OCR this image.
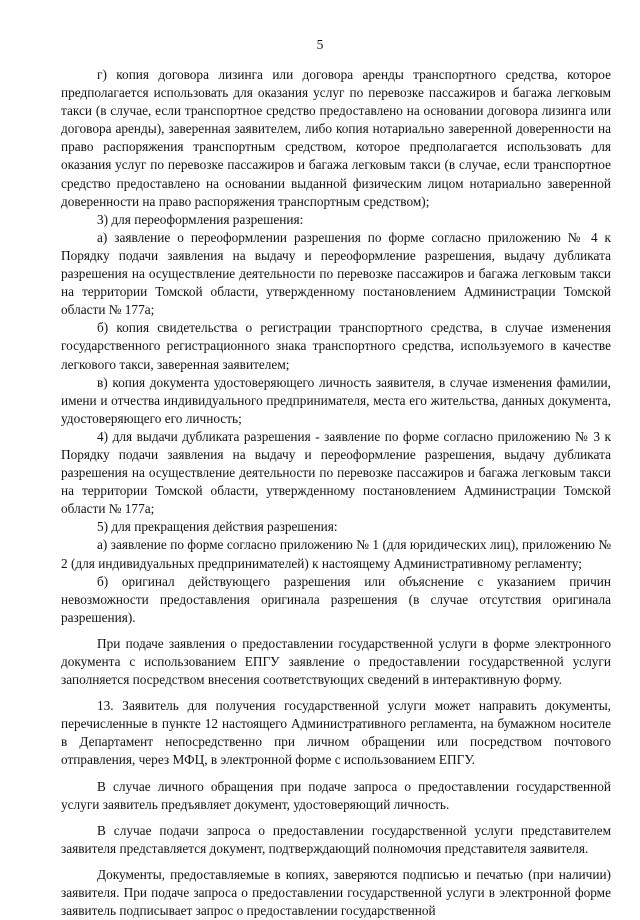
5

г) копия договора лизинга или договора аренды транспортного средства, которое предполагается использовать для оказания услуг по перевозке пассажиров и багажа легковым такси (в случае, если транспортное средство предоставлено на основании договора лизинга или договора аренды), заверенная заявителем, либо копия нотариально заверенной доверенности на право распоряжения транспортным средством, которое предполагается использовать для оказания услуг по перевозке пассажиров и багажа легковым такси (в случае, если транспортное средство предоставлено на основании выданной физическим лицом нотариально заверенной доверенности на право распоряжения транспортным средством);

3) для переоформления разрешения:

а) заявление о переоформлении разрешения по форме согласно приложению № 4 к Порядку подачи заявления на выдачу и переоформление разрешения, выдачу дубликата разрешения на осуществление деятельности по перевозке пассажиров и багажа легковым такси на территории Томской области, утвержденному постановлением Администрации Томской области № 177а;

б) копия свидетельства о регистрации транспортного средства, в случае изменения государственного регистрационного знака транспортного средства, используемого в качестве легкового такси, заверенная заявителем;

в) копия документа удостоверяющего личность заявителя, в случае изменения фамилии, имени и отчества индивидуального предпринимателя, места его жительства, данных документа, удостоверяющего его личность;

4) для выдачи дубликата разрешения - заявление по форме согласно приложению № 3 к Порядку подачи заявления на выдачу и переоформление разрешения, выдачу дубликата разрешения на осуществление деятельности по перевозке пассажиров и багажа легковым такси на территории Томской области, утвержденному постановлением Администрации Томской области № 177а;

5) для прекращения действия разрешения:

а) заявление по форме согласно приложению № 1 (для юридических лиц), приложению № 2 (для индивидуальных предпринимателей) к настоящему Административному регламенту;

б) оригинал действующего разрешения или объяснение с указанием причин невозможности предоставления оригинала разрешения (в случае отсутствия оригинала разрешения).

При подаче заявления о предоставлении государственной услуги в форме электронного документа с использованием ЕПГУ заявление о предоставлении государственной услуги заполняется посредством внесения соответствующих сведений в интерактивную форму.

13. Заявитель для получения государственной услуги может направить документы, перечисленные в пункте 12 настоящего Административного регламента, на бумажном носителе в Департамент непосредственно при личном обращении или посредством почтового отправления, через МФЦ, в электронной форме с использованием ЕПГУ.

В случае личного обращения при подаче запроса о предоставлении государственной услуги заявитель предъявляет документ, удостоверяющий личность.

В случае подачи запроса о предоставлении государственной услуги представителем заявителя представляется документ, подтверждающий полномочия представителя заявителя.

Документы, предоставляемые в копиях, заверяются подписью и печатью (при наличии) заявителя. При подаче запроса о предоставлении государственной услуги в электронной форме заявитель подписывает запрос о предоставлении государственной
